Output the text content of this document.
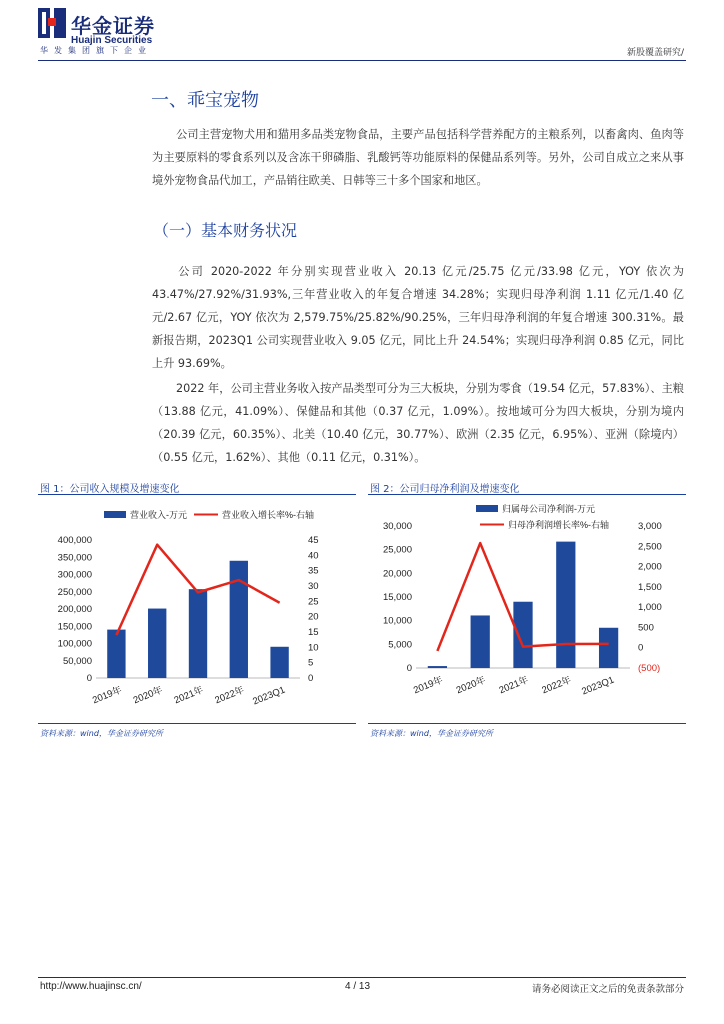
华金证券
Huajin Securities
华发集团旗下企业	新股覆盖研究/
一、乖宝宠物
公司主营宠物犬用和猫用多品类宠物食品，主要产品包括科学营养配方的主粮系列，以畜禽肉、鱼肉等为主要原料的零食系列以及含冻干卵磷脂、乳酸钙等功能原料的保健品系列等。另外，公司自成立之来从事境外宠物食品代加工，产品销往欧美、日韩等三十多个国家和地区。
（一）基本财务状况
公司 2020-2022 年分别实现营业收入 20.13 亿元/25.75 亿元/33.98 亿元，YOY 依次为43.47%/27.92%/31.93%,三年营业收入的年复合增速 34.28%；实现归母净利润 1.11 亿元/1.40 亿元/2.67 亿元，YOY 依次为 2,579.75%/25.82%/90.25%，三年归母净利润的年复合增速 300.31%。最新报告期，2023Q1 公司实现营业收入 9.05 亿元，同比上升 24.54%；实现归母净利润 0.85 亿元，同比上升 93.69%。
2022 年，公司主营业务收入按产品类型可分为三大板块，分别为零食（19.54 亿元，57.83%）、主粮（13.88 亿元，41.09%）、保健品和其他（0.37 亿元，1.09%）。按地域可分为四大板块，分别为境内（20.39 亿元，60.35%）、北美（10.40 亿元，30.77%）、欧洲（2.35 亿元，6.95%）、亚洲（除境内）（0.55 亿元，1.62%）、其他（0.11 亿元，0.31%）。
图 1：公司收入规模及增速变化
营业收入-万元	营业收入增长率%-右轴
0
50,000
100,000
150,000
200,000
250,000
300,000
350,000
400,000
0
5
10
15
20
25
30
35
40
45
2019年 2020年 2021年 2022年 2023Q1
资料来源：wind，华金证券研究所
图 2：公司归母净利润及增速变化
归属母公司净利润-万元
归母净利润增长率%-右轴
0
5,000
10,000
15,000
20,000
25,000
30,000
(500)
0
500
1,000
1,500
2,000
2,500
3,000
2019年 2020年 2021年 2022年 2023Q1
资料来源：wind，华金证券研究所
http://www.huajinsc.cn/	4 / 13	请务必阅读正文之后的免责条款部分
